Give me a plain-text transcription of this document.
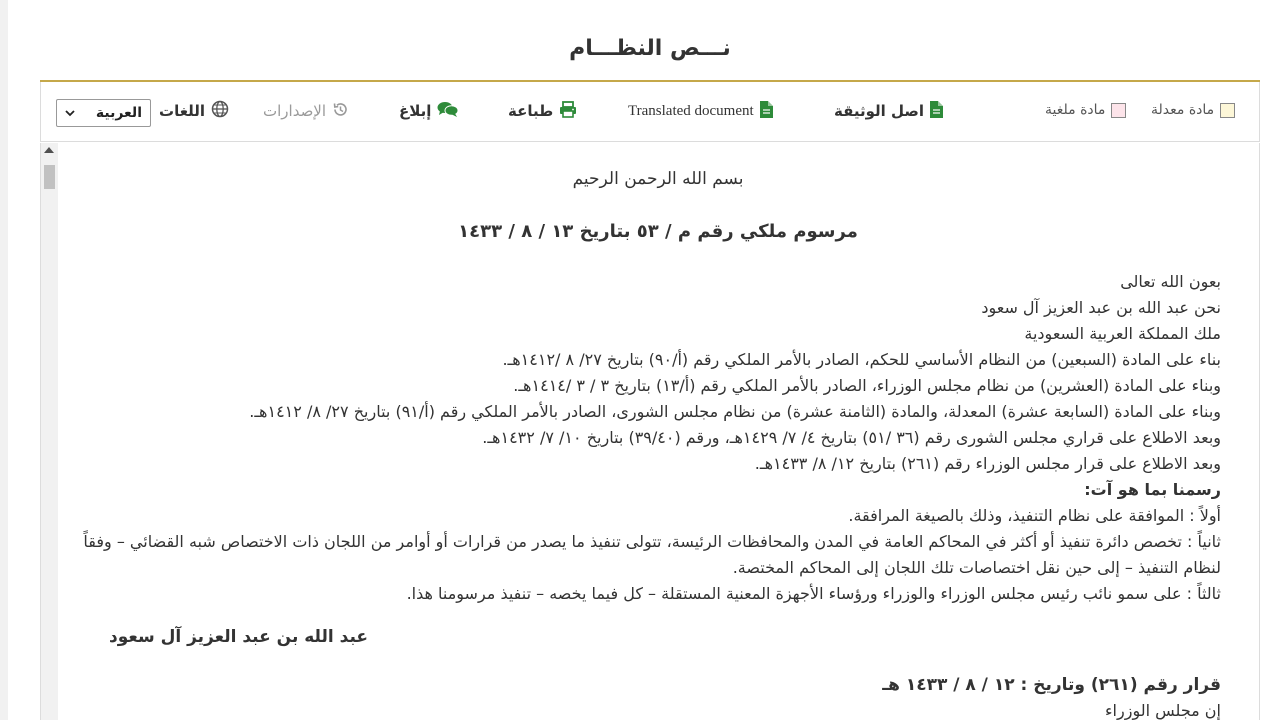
نـــص النظـــام
العربية اللغات	الإصدارات	إبلاغ	طباعة	Translated document	اصل الوثيقة	مادة ملغية	مادة معدلة
بسم الله الرحمن الرحيم
مرسوم ملكي رقم م / ٥٣ بتاريخ ١٣ / ٨ / ١٤٣٣
بعون الله تعالى
نحن عبد الله بن عبد العزيز آل سعود
ملك المملكة العربية السعودية
بناء على المادة (السبعين) من النظام الأساسي للحكم، الصادر بالأمر الملكي رقم (أ/٩٠) بتاريخ ٢٧/ ٨ /١٤١٢هـ.
وبناء على المادة (العشرين) من نظام مجلس الوزراء، الصادر بالأمر الملكي رقم (أ/١٣) بتاريخ ٣ / ٣ /١٤١٤هـ.
وبناء على المادة (السابعة عشرة) المعدلة، والمادة (الثامنة عشرة) من نظام مجلس الشورى، الصادر بالأمر الملكي رقم (أ/٩١) بتاريخ ٢٧/ ٨/ ١٤١٢هـ.
وبعد الاطلاع على قراري مجلس الشورى رقم (٣٦ /٥١) بتاريخ ٤/ ٧/ ١٤٢٩هـ، ورقم (٣٩/٤٠) بتاريخ ١٠/ ٧/ ١٤٣٢هـ.
وبعد الاطلاع على قرار مجلس الوزراء رقم (٢٦١) بتاريخ ١٢/ ٨/ ١٤٣٣هـ.
رسمنا بما هو آت:
أولاً : الموافقة على نظام التنفيذ، وذلك بالصيغة المرافقة.
ثانياً : تخصص دائرة تنفيذ أو أكثر في المحاكم العامة في المدن والمحافظات الرئيسة، تتولى تنفيذ ما يصدر من قرارات أو أوامر من اللجان ذات الاختصاص شبه القضائي – وفقاً لنظام التنفيذ – إلى حين نقل اختصاصات تلك اللجان إلى المحاكم المختصة.
ثالثاً : على سمو نائب رئيس مجلس الوزراء والوزراء ورؤساء الأجهزة المعنية المستقلة – كل فيما يخصه – تنفيذ مرسومنا هذا.
عبد الله بن عبد العزيز آل سعود
قرار رقم (٢٦١) وتاريخ : ١٢ / ٨ / ١٤٣٣ هـ
إن مجلس الوزراء
